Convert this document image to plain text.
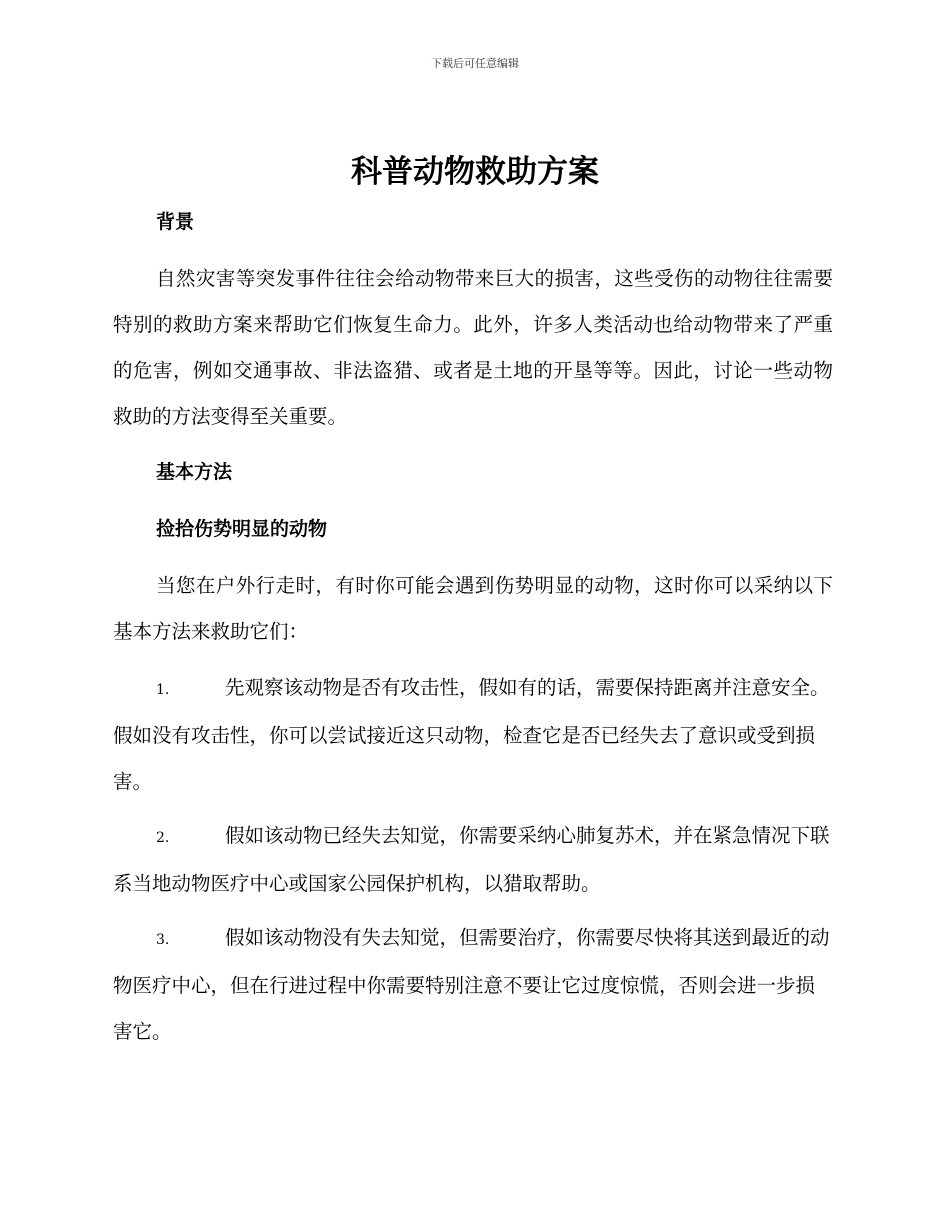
下载后可任意编辑
科普动物救助方案
背景
自然灾害等突发事件往往会给动物带来巨大的损害，这些受伤的动物往往需要特别的救助方案来帮助它们恢复生命力。此外，许多人类活动也给动物带来了严重的危害，例如交通事故、非法盗猎、或者是土地的开垦等等。因此，讨论一些动物救助的方法变得至关重要。
基本方法
捡拾伤势明显的动物
当您在户外行走时，有时你可能会遇到伤势明显的动物，这时你可以采纳以下基本方法来救助它们：
1.	先观察该动物是否有攻击性，假如有的话，需要保持距离并注意安全。假如没有攻击性，你可以尝试接近这只动物，检查它是否已经失去了意识或受到损害。
2.	假如该动物已经失去知觉，你需要采纳心肺复苏术，并在紧急情况下联系当地动物医疗中心或国家公园保护机构，以猎取帮助。
3.	假如该动物没有失去知觉，但需要治疗，你需要尽快将其送到最近的动物医疗中心，但在行进过程中你需要特别注意不要让它过度惊慌，否则会进一步损害它。
